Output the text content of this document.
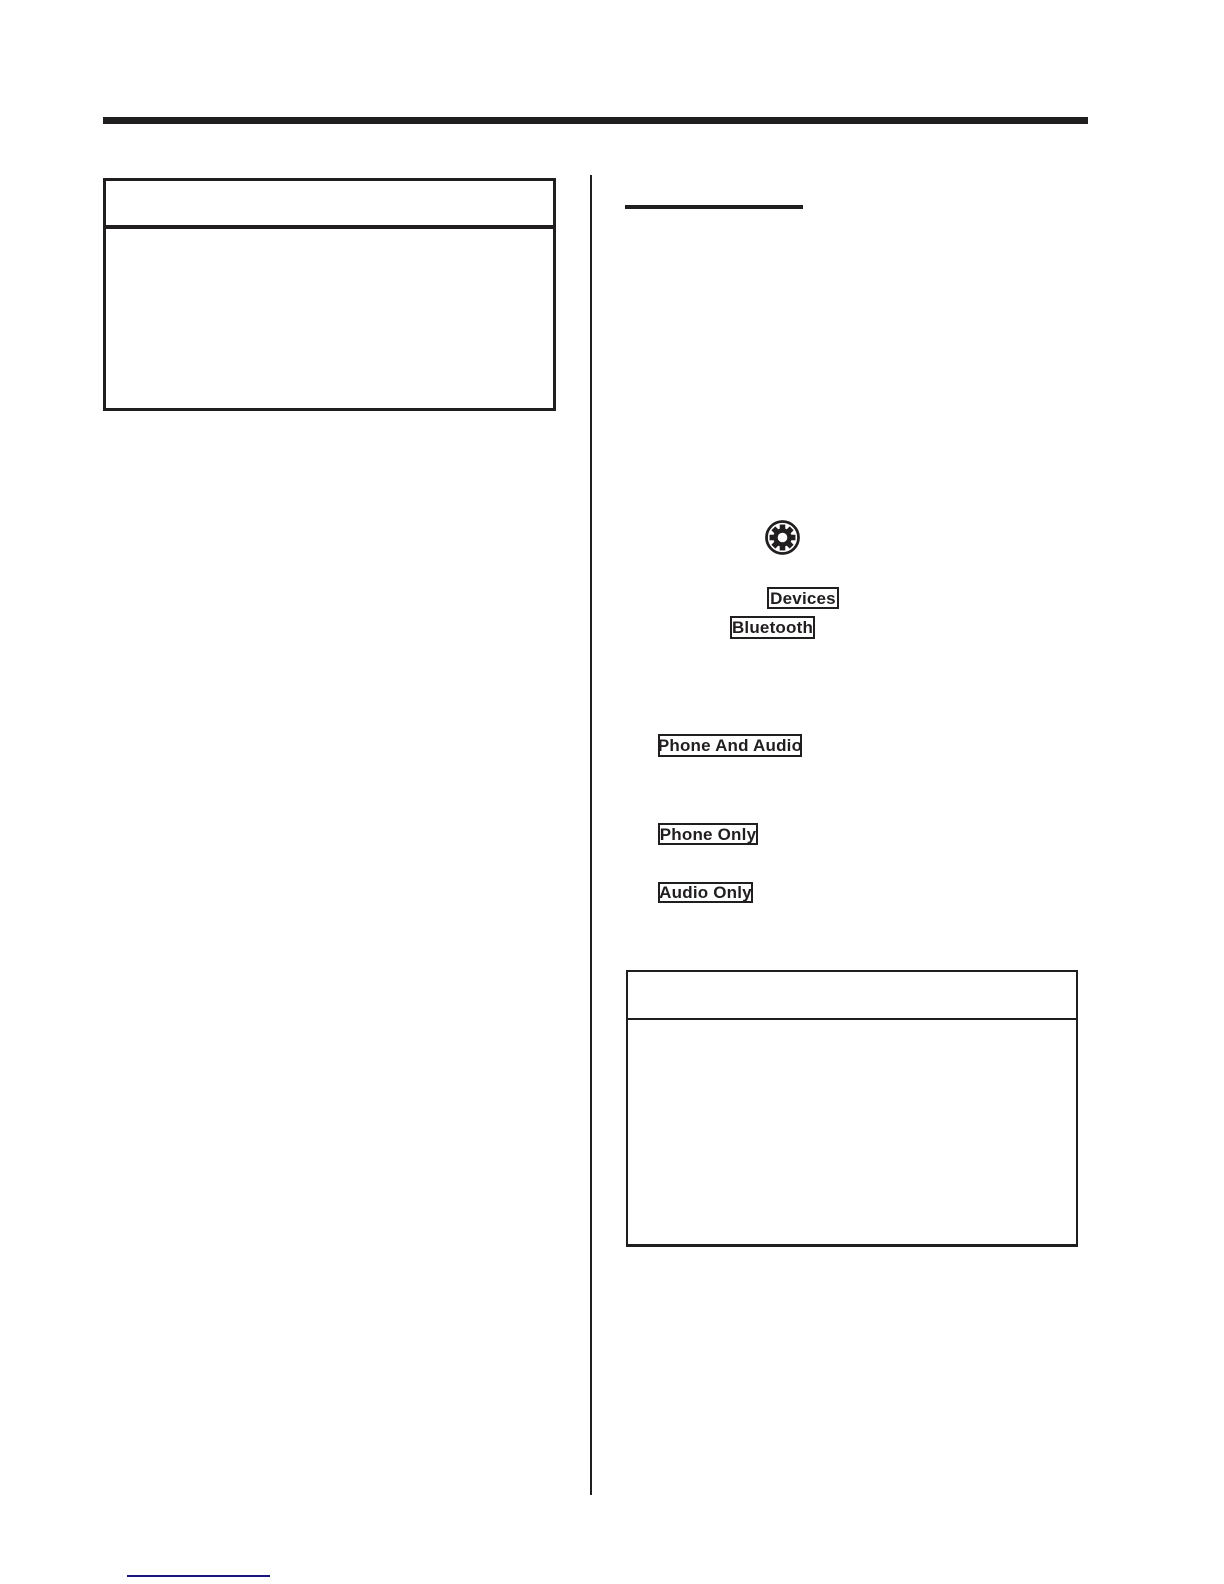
Devices
Bluetooth
Phone And Audio
Phone Only
Audio Only
